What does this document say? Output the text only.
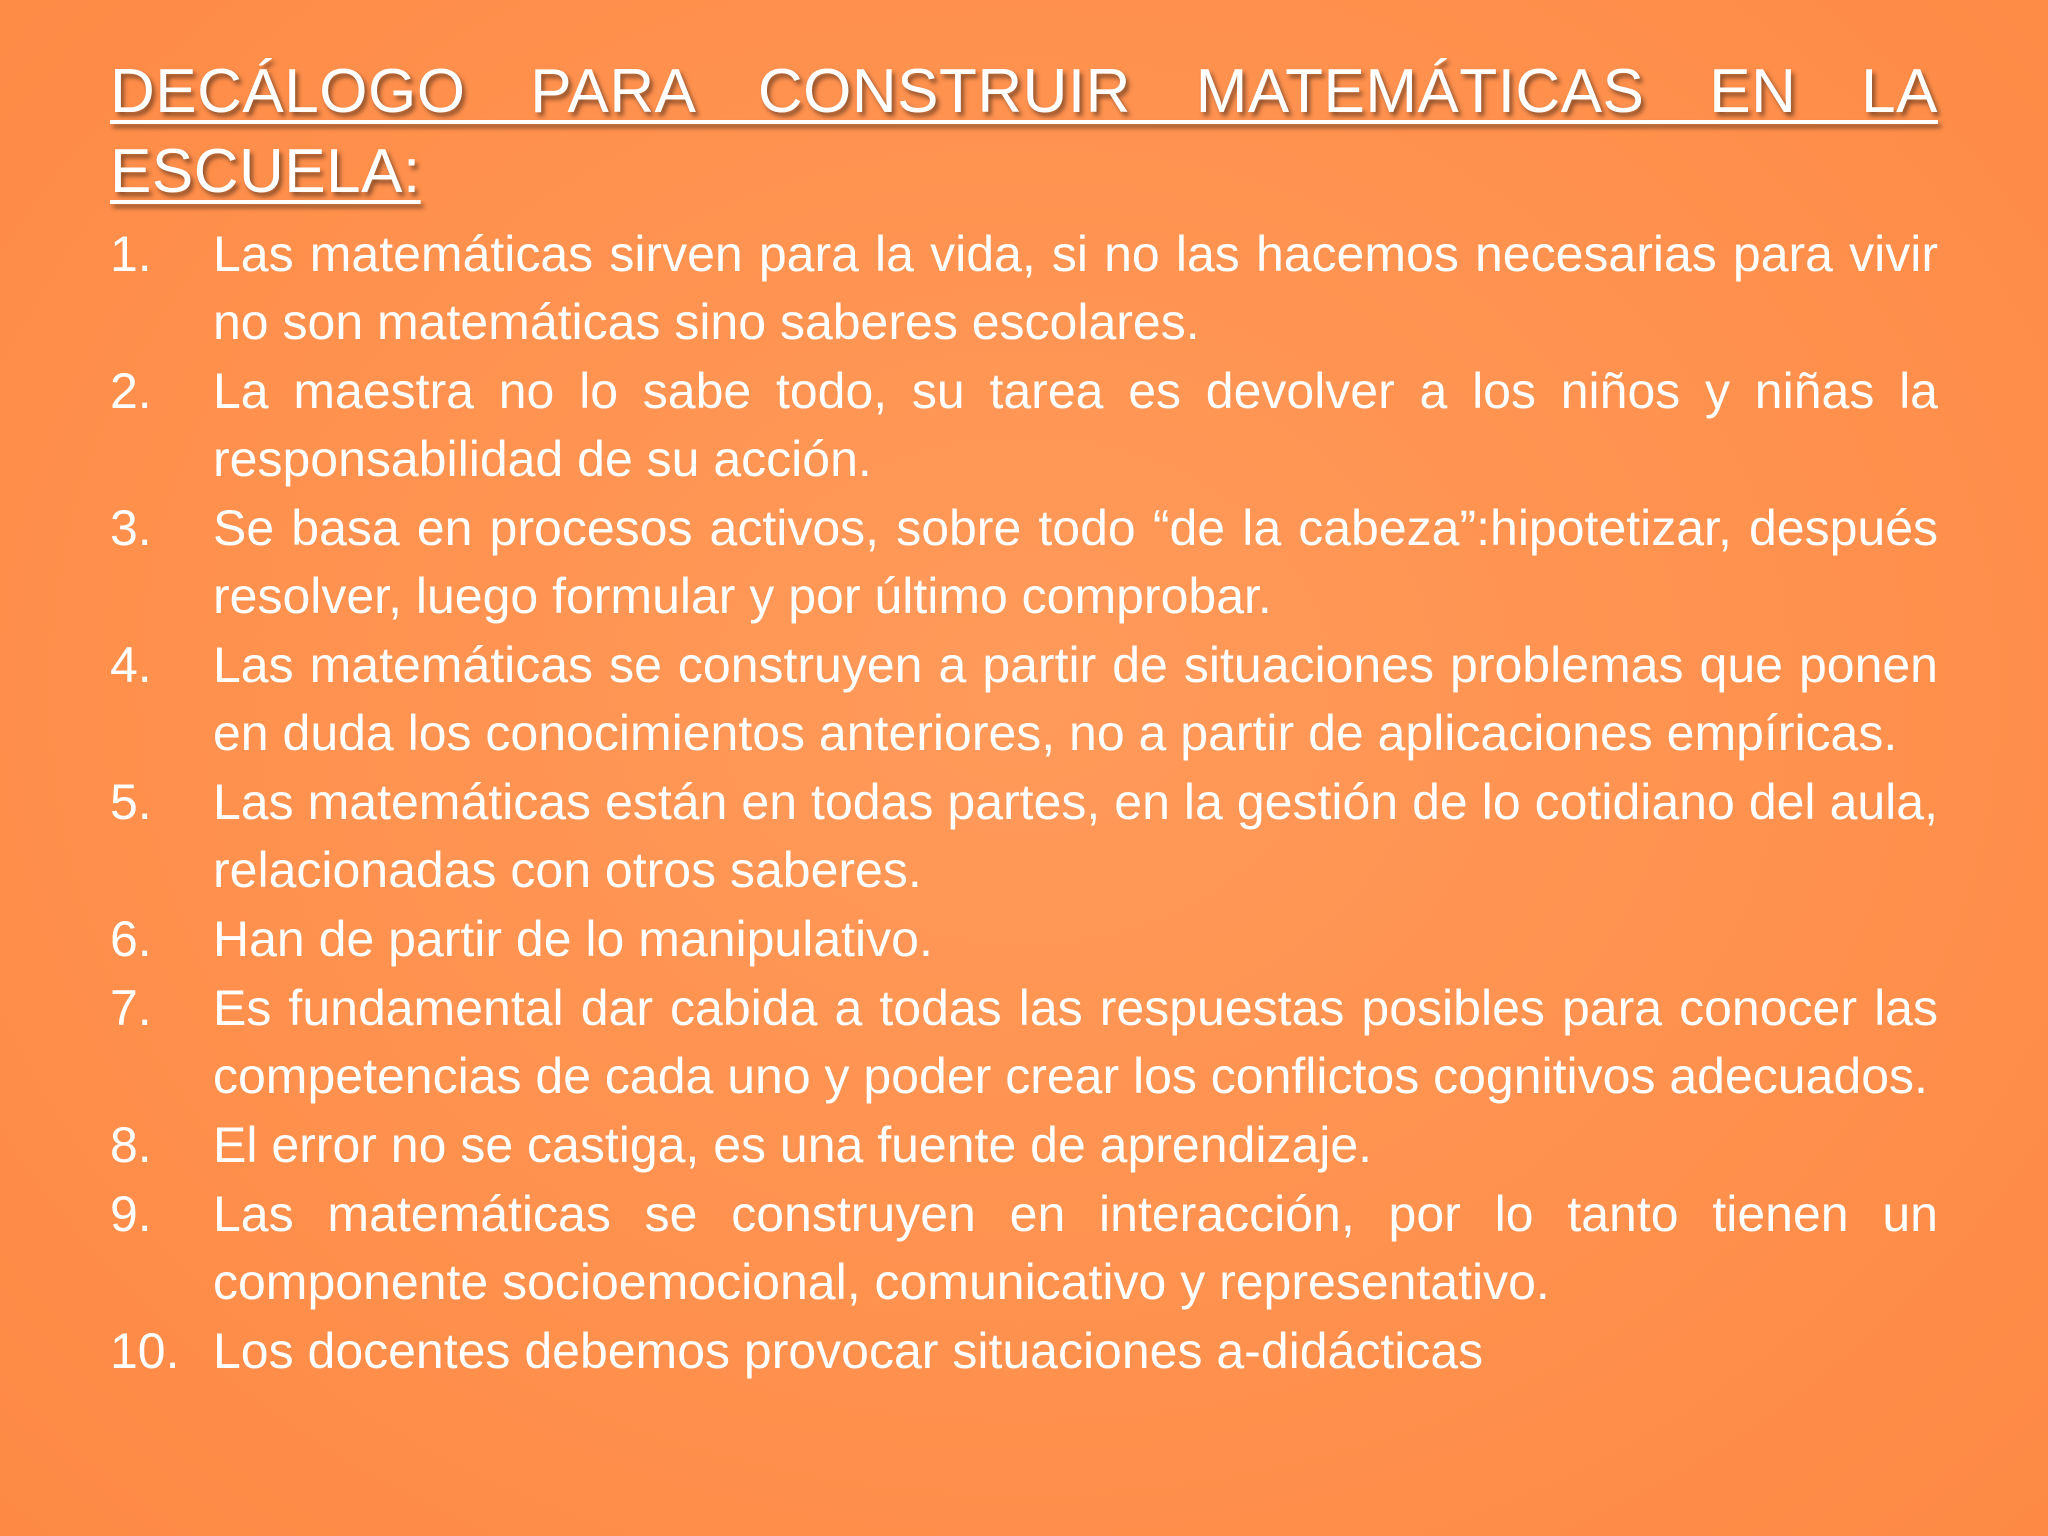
DECÁLOGO PARA CONSTRUIR MATEMÁTICAS EN LA
ESCUELA:
1.	Las matemáticas sirven para la vida, si no las hacemos necesarias para vivir no son matemáticas sino saberes escolares.
2.	La maestra no lo sabe todo, su tarea es devolver a los niños y niñas la responsabilidad de su acción.
3.	Se basa en procesos activos, sobre todo “de la cabeza”:hipotetizar, después resolver, luego formular y por último comprobar.
4.	Las matemáticas se construyen a partir de situaciones problemas que ponen en duda los conocimientos anteriores, no a partir de aplicaciones empíricas.
5.	Las matemáticas están en todas partes, en la gestión de lo cotidiano del aula, relacionadas con otros saberes.
6.	Han de partir de lo manipulativo.
7.	Es fundamental dar cabida a todas las respuestas posibles para conocer las competencias de cada uno y poder crear los conflictos cognitivos adecuados.
8.	El error no se castiga, es una fuente de aprendizaje.
9.	Las matemáticas se construyen en interacción, por lo tanto tienen un componente socioemocional, comunicativo y representativo.
10. Los docentes debemos provocar situaciones a-didácticas
